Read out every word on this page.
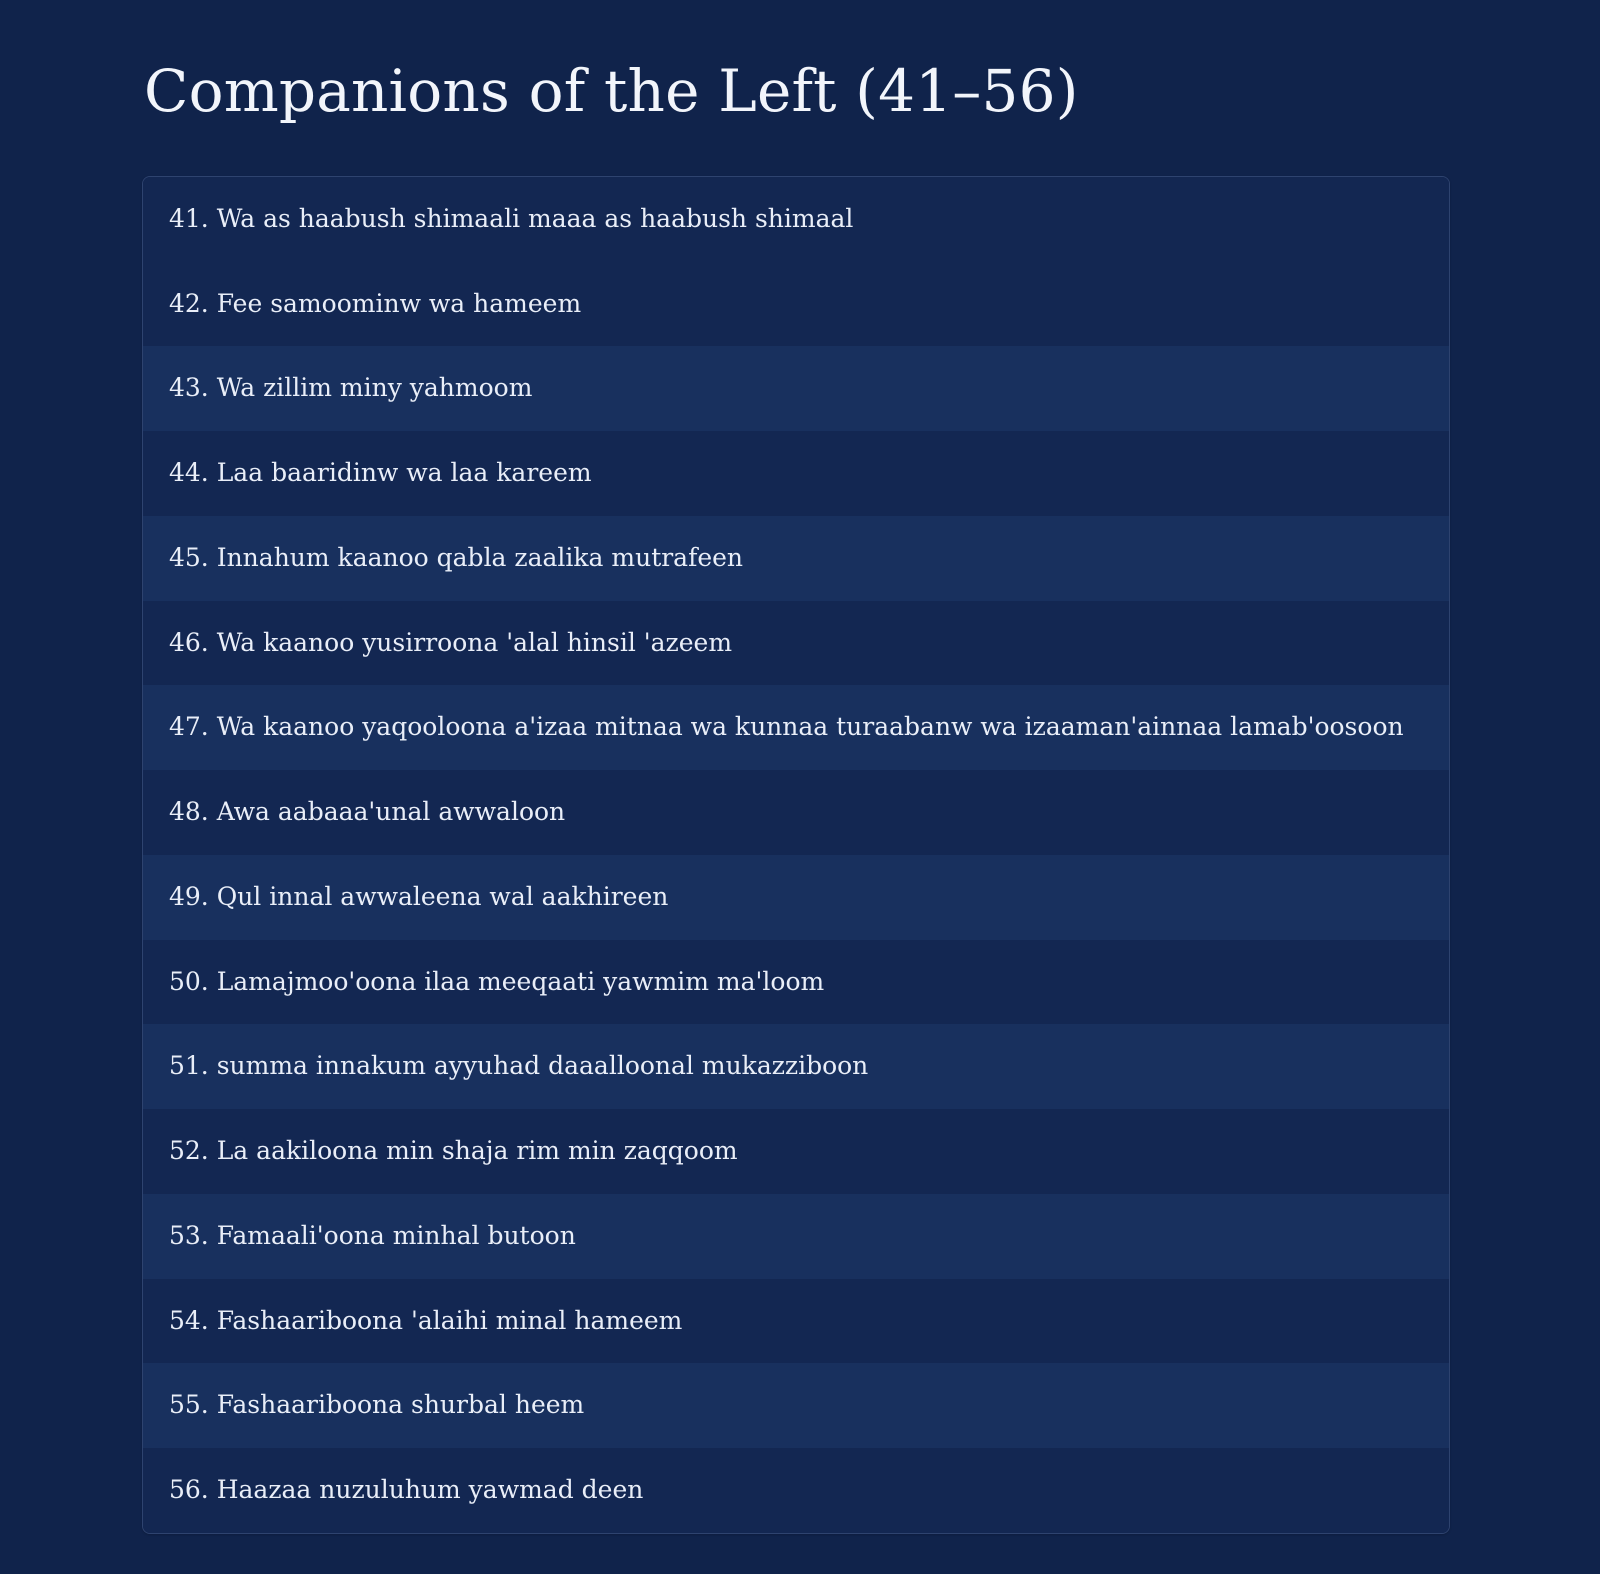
Companions of the Left (41–56)
41. Wa as haabush shimaali maaa as haabush shimaal
42. Fee samoominw wa hameem
43. Wa zillim miny yahmoom
44. Laa baaridinw wa laa kareem
45. Innahum kaanoo qabla zaalika mutrafeen
46. Wa kaanoo yusirroona 'alal hinsil 'azeem
47. Wa kaanoo yaqooloona a'izaa mitnaa wa kunnaa turaabanw wa izaaman'ainnaa lamab'oosoon
48. Awa aabaaa'unal awwaloon
49. Qul innal awwaleena wal aakhireen
50. Lamajmoo'oona ilaa meeqaati yawmim ma'loom
51. summa innakum ayyuhad daaalloonal mukazziboon
52. La aakiloona min shaja rim min zaqqoom
53. Famaali'oona minhal butoon
54. Fashaariboona 'alaihi minal hameem
55. Fashaariboona shurbal heem
56. Haazaa nuzuluhum yawmad deen
